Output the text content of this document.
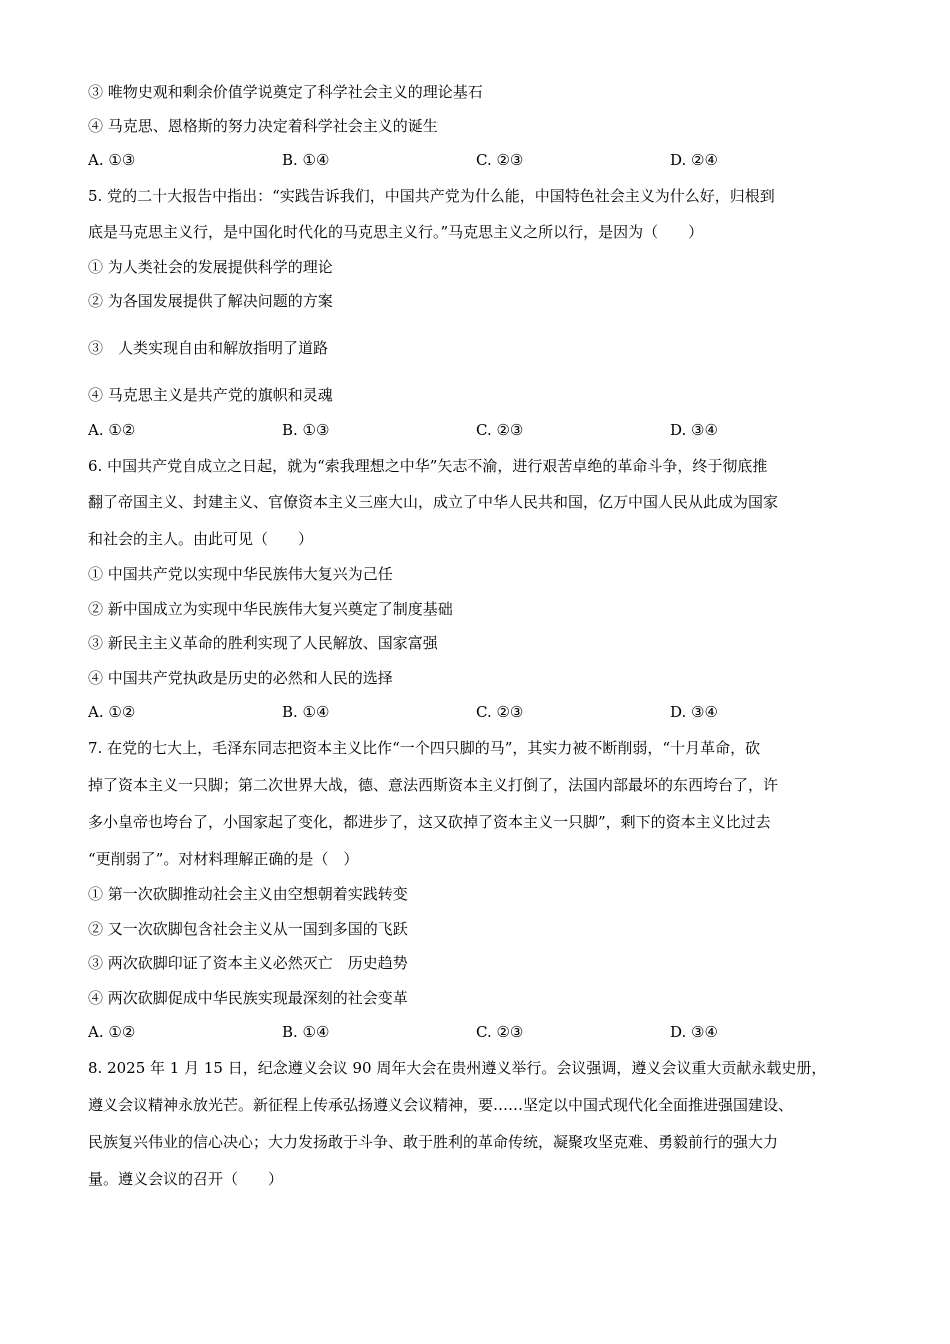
③ 唯物史观和剩余价值学说奠定了科学社会主义的理论基石
④ 马克思、恩格斯的努力决定着科学社会主义的诞生
A. ①③	B. ①④	C. ②③	D. ②④
5. 党的二十大报告中指出：“实践告诉我们，中国共产党为什么能，中国特色社会主义为什么好，归根到
底是马克思主义行，是中国化时代化的马克思主义行。”马克思主义之所以行，是因为（　　）
① 为人类社会的发展提供科学的理论
② 为各国发展提供了解决问题的方案
③　人类实现自由和解放指明了道路
④ 马克思主义是共产党的旗帜和灵魂
A. ①②	B. ①③	C. ②③	D. ③④
6. 中国共产党自成立之日起，就为“索我理想之中华”矢志不渝，进行艰苦卓绝的革命斗争，终于彻底推
翻了帝国主义、封建主义、官僚资本主义三座大山，成立了中华人民共和国，亿万中国人民从此成为国家
和社会的主人。由此可见（　　）
① 中国共产党以实现中华民族伟大复兴为己任
② 新中国成立为实现中华民族伟大复兴奠定了制度基础
③ 新民主主义革命的胜利实现了人民解放、国家富强
④ 中国共产党执政是历史的必然和人民的选择
A. ①②	B. ①④	C. ②③	D. ③④
7. 在党的七大上，毛泽东同志把资本主义比作“一个四只脚的马”，其实力被不断削弱，“十月革命，砍
掉了资本主义一只脚；第二次世界大战，德、意法西斯资本主义打倒了，法国内部最坏的东西垮台了，许
多小皇帝也垮台了，小国家起了变化，都进步了，这又砍掉了资本主义一只脚”，剩下的资本主义比过去
“更削弱了”。对材料理解正确的是（　）
① 第一次砍脚推动社会主义由空想朝着实践转变
② 又一次砍脚包含社会主义从一国到多国的飞跃
③ 两次砍脚印证了资本主义必然灭亡　历史趋势
④ 两次砍脚促成中华民族实现最深刻的社会变革
A. ①②	B. ①④	C. ②③	D. ③④
8. 2025 年 1 月 15 日，纪念遵义会议 90 周年大会在贵州遵义举行。会议强调，遵义会议重大贡献永载史册，
遵义会议精神永放光芒。新征程上传承弘扬遵义会议精神，要……坚定以中国式现代化全面推进强国建设、
民族复兴伟业的信心决心；大力发扬敢于斗争、敢于胜利的革命传统，凝聚攻坚克难、勇毅前行的强大力
量。遵义会议的召开（　　）
